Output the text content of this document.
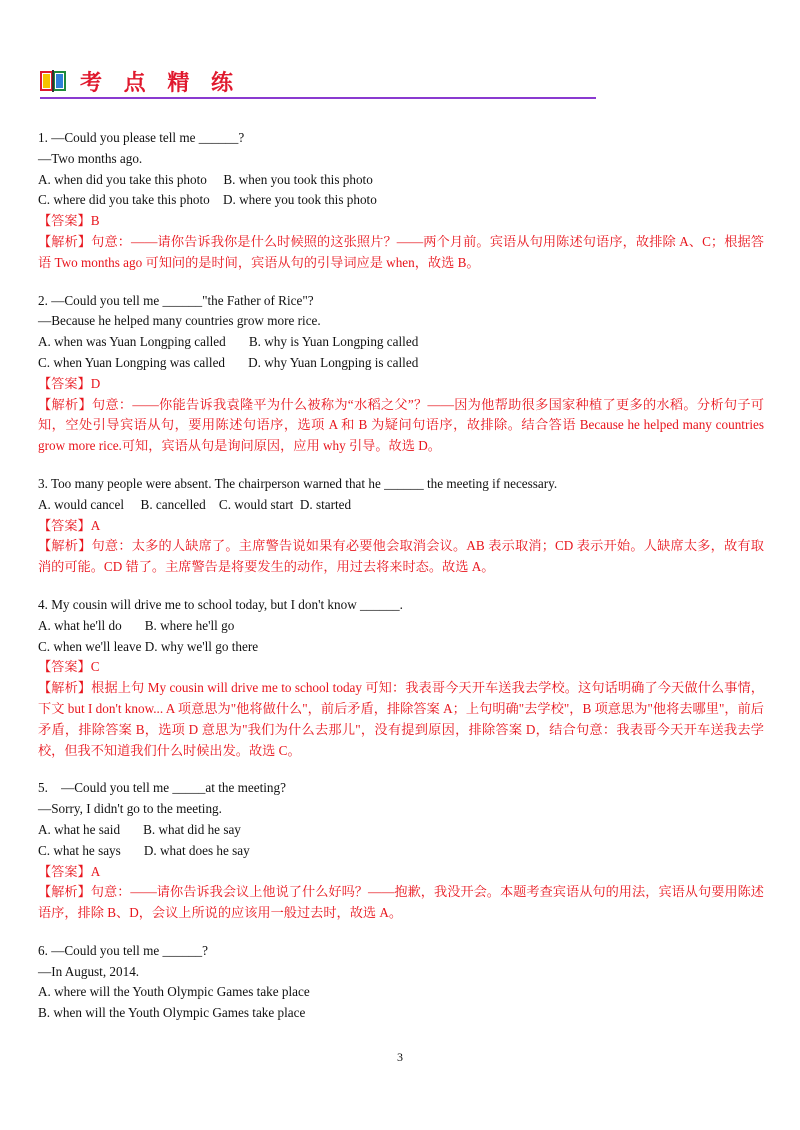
考 点 精 练
1. —Could you please tell me ______?
—Two months ago.
A. when did you take this photo     B. when you took this photo
C. where did you take this photo    D. where you took this photo
【答案】B
【解析】句意：——请你告诉我你是什么时候照的这张照片？——两个月前。宾语从句用陈述句语序，故排除 A、C；根据答语 Two months ago 可知问的是时间，宾语从句的引导词应是 when，故选 B。
2. —Could you tell me ______"the Father of Rice"?
—Because he helped many countries grow more rice.
A. when was Yuan Longping called       B. why is Yuan Longping called
C. when Yuan Longping was called       D. why Yuan Longping is called
【答案】D
【解析】句意：——你能告诉我袁隆平为什么被称为“水稻之父”？——因为他帮助很多国家种植了更多的水稻。分析句子可知，空处引导宾语从句，要用陈述句语序，选项 A 和 B 为疑问句语序，故排除。结合答语 Because he helped many countries grow more rice.可知，宾语从句是询问原因，应用 why 引导。故选 D。
3. Too many people were absent. The chairperson warned that he ______ the meeting if necessary.
A. would cancel     B. cancelled    C. would start  D. started
【答案】A
【解析】句意：太多的人缺席了。主席警告说如果有必要他会取消会议。AB 表示取消；CD 表示开始。人缺席太多，故有取消的可能。CD 错了。主席警告是将要发生的动作，用过去将来时态。故选 A。
4. My cousin will drive me to school today, but I don't know ______.
A. what he'll do       B. where he'll go
C. when we'll leave D. why we'll go there
【答案】C
【解析】根据上句 My cousin will drive me to school today 可知：我表哥今天开车送我去学校。这句话明确了今天做什么事情，下文 but I don't know... A 项意思为"他将做什么"，前后矛盾，排除答案 A；上句明确"去学校"，B 项意思为"他将去哪里"，前后矛盾，排除答案 B，选项 D 意思为"我们为什么去那儿"，没有提到原因，排除答案 D，结合句意：我表哥今天开车送我去学校，但我不知道我们什么时候出发。故选 C。
5.    —Could you tell me _____at the meeting?
—Sorry, I didn't go to the meeting.
A. what he said       B. what did he say
C. what he says       D. what does he say
【答案】A
【解析】句意：——请你告诉我会议上他说了什么好吗？——抱歉，我没开会。本题考查宾语从句的用法，宾语从句要用陈述语序，排除 B、D，会议上所说的应该用一般过去时，故选 A。
6. —Could you tell me ______?
—In August, 2014.
A. where will the Youth Olympic Games take place
B. when will the Youth Olympic Games take place
3
